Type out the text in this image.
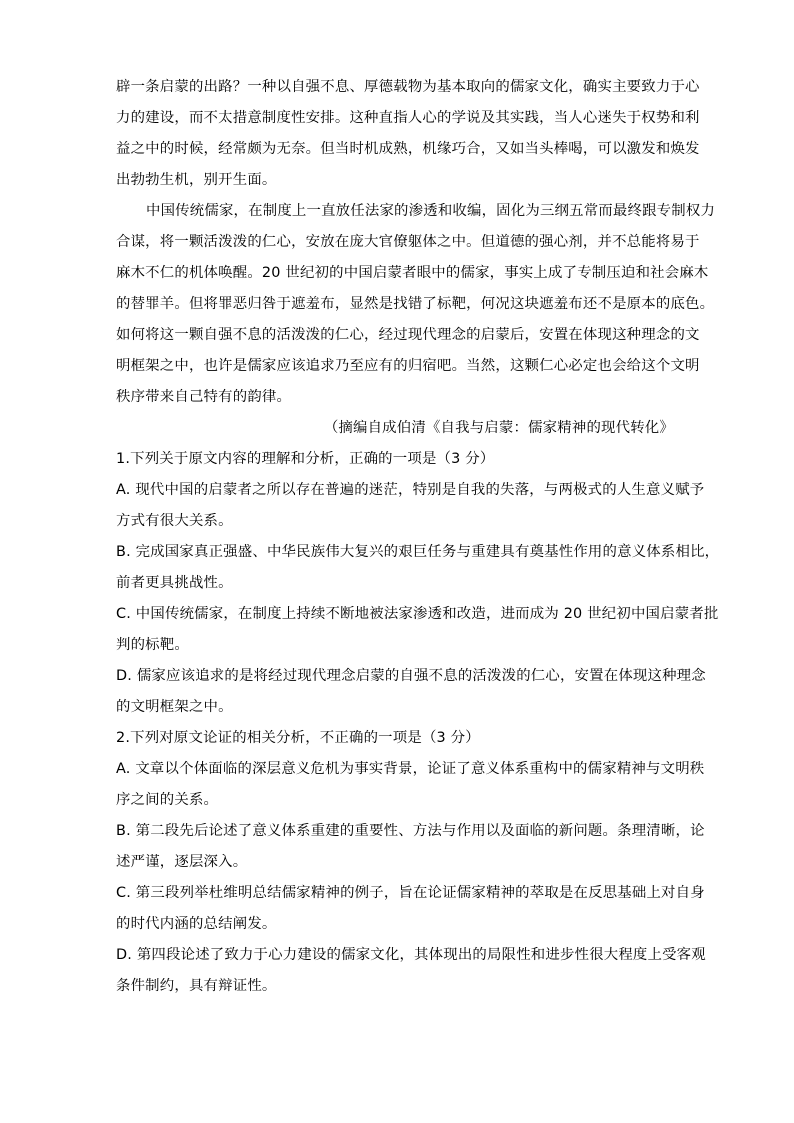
辟一条启蒙的出路？一种以自强不息、厚德载物为基本取向的儒家文化，确实主要致力于心
力的建设，而不太措意制度性安排。这种直指人心的学说及其实践，当人心迷失于权势和利
益之中的时候，经常颇为无奈。但当时机成熟，机缘巧合，又如当头棒喝，可以激发和焕发
出勃勃生机，别开生面。
中国传统儒家，在制度上一直放任法家的渗透和收编，固化为三纲五常而最终跟专制权力
合谋，将一颗活泼泼的仁心，安放在庞大官僚躯体之中。但道德的强心剂，并不总能将易于
麻木不仁的机体唤醒。20 世纪初的中国启蒙者眼中的儒家，事实上成了专制压迫和社会麻木
的替罪羊。但将罪恶归咎于遮羞布，显然是找错了标靶，何况这块遮羞布还不是原本的底色。
如何将这一颗自强不息的活泼泼的仁心，经过现代理念的启蒙后，安置在体现这种理念的文
明框架之中，也许是儒家应该追求乃至应有的归宿吧。当然，这颗仁心必定也会给这个文明
秩序带来自己特有的韵律。
（摘编自成伯清《自我与启蒙：儒家精神的现代转化》
1.下列关于原文内容的理解和分析，正确的一项是（3 分）
A. 现代中国的启蒙者之所以存在普遍的迷茫，特别是自我的失落，与两极式的人生意义赋予
方式有很大关系。
B. 完成国家真正强盛、中华民族伟大复兴的艰巨任务与重建具有奠基性作用的意义体系相比，
前者更具挑战性。
C. 中国传统儒家，在制度上持续不断地被法家渗透和改造，进而成为 20 世纪初中国启蒙者批
判的标靶。
D. 儒家应该追求的是将经过现代理念启蒙的自强不息的活泼泼的仁心，安置在体现这种理念
的文明框架之中。
2.下列对原文论证的相关分析，不正确的一项是（3 分）
A. 文章以个体面临的深层意义危机为事实背景，论证了意义体系重构中的儒家精神与文明秩
序之间的关系。
B. 第二段先后论述了意义体系重建的重要性、方法与作用以及面临的新问题。条理清晰，论
述严谨，逐层深入。
C. 第三段列举杜维明总结儒家精神的例子，旨在论证儒家精神的萃取是在反思基础上对自身
的时代内涵的总结阐发。
D. 第四段论述了致力于心力建设的儒家文化，其体现出的局限性和进步性很大程度上受客观
条件制约，具有辩证性。
